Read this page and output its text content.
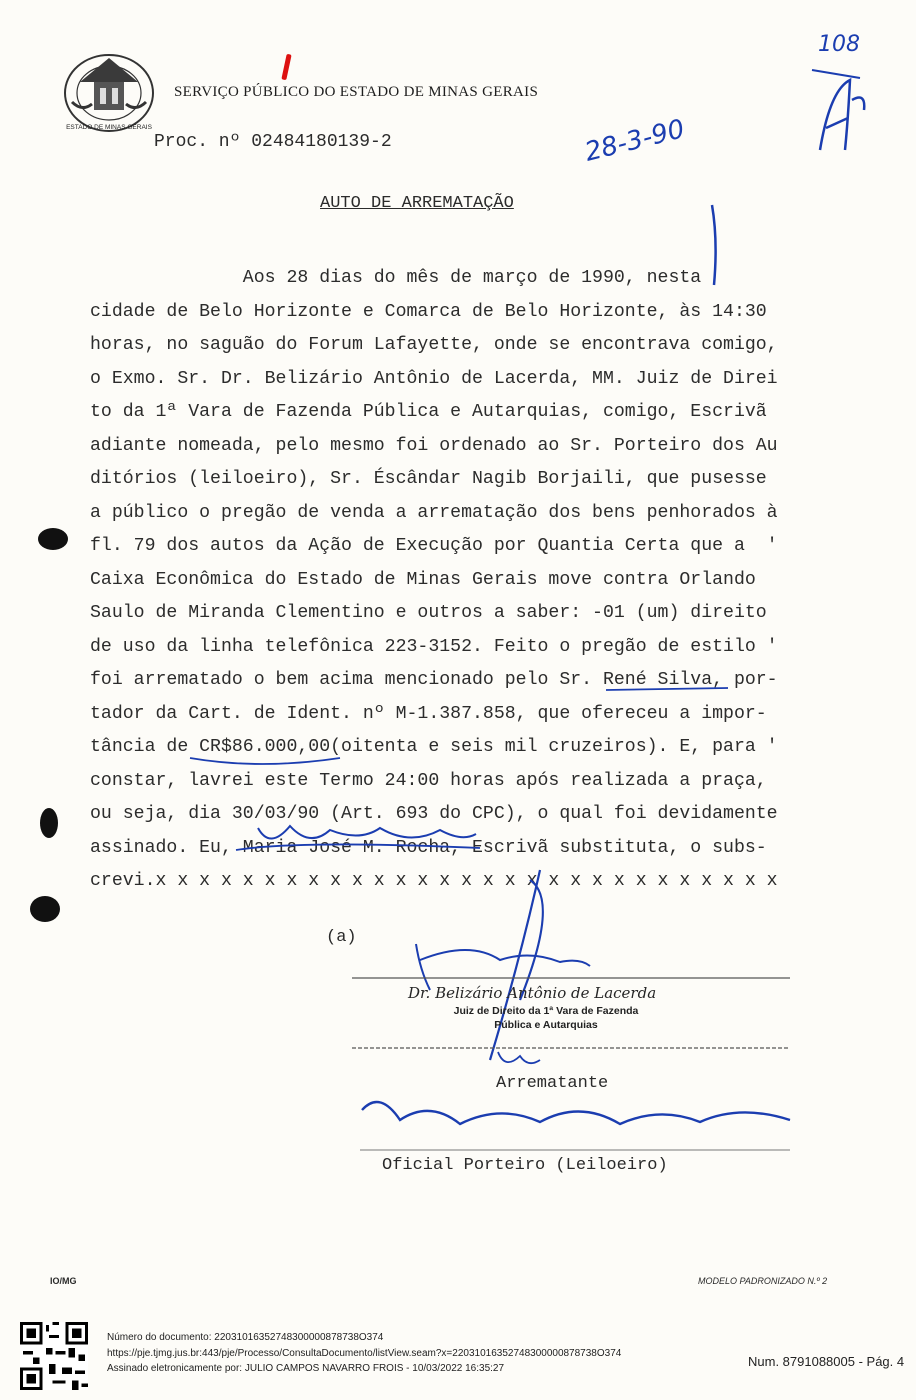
ESTADO DE MINAS GERAIS
SERVIÇO PÚBLICO DO ESTADO DE MINAS GERAIS
Proc. nº 02484180139-2
108
28-3-90
AUTO DE ARREMATAÇÃO
Aos 28 dias do mês de março de 1990, nesta
cidade de Belo Horizonte e Comarca de Belo Horizonte, às 14:30
horas, no saguão do Forum Lafayette, onde se encontrava comigo,
o Exmo. Sr. Dr. Belizário Antônio de Lacerda, MM. Juiz de Direi
to da 1ª Vara de Fazenda Pública e Autarquias, comigo, Escrivã
adiante nomeada, pelo mesmo foi ordenado ao Sr. Porteiro dos Au
ditórios (leiloeiro), Sr. Éscândar Nagib Borjaili, que pusesse
a público o pregão de venda a arrematação dos bens penhorados à
fl. 79 dos autos da Ação de Execução por Quantia Certa que a  '
Caixa Econômica do Estado de Minas Gerais move contra Orlando
Saulo de Miranda Clementino e outros a saber: -01 (um) direito
de uso da linha telefônica 223-3152. Feito o pregão de estilo '
foi arrematado o bem acima mencionado pelo Sr. René Silva, por-
tador da Cart. de Ident. nº M-1.387.858, que ofereceu a impor-
tância de CR$86.000,00(oitenta e seis mil cruzeiros). E, para '
constar, lavrei este Termo 24:00 horas após realizada a praça,
ou seja, dia 30/03/90 (Art. 693 do CPC), o qual foi devidamente
assinado. Eu, Maria José M. Rocha, Escrivã substituta, o subs-
crevi.x x x x x x x x x x x x x x x x x x x x x x x x x x x x x
(a)
Dr. Belizário Antônio de Lacerda
Juiz de Direito da 1ª Vara de Fazenda
Pública e Autarquias
Arrematante
Oficial Porteiro (Leiloeiro)
IO/MG	MODELO PADRONIZADO N.º 2
Número do documento: 22031016352748300000878738O374
https://pje.tjmg.jus.br:443/pje/Processo/ConsultaDocumento/listView.seam?x=22031016352748300000878738O374
Assinado eletronicamente por: JULIO CAMPOS NAVARRO FROIS - 10/03/2022 16:35:27	Num. 8791088005 - Pág. 4
